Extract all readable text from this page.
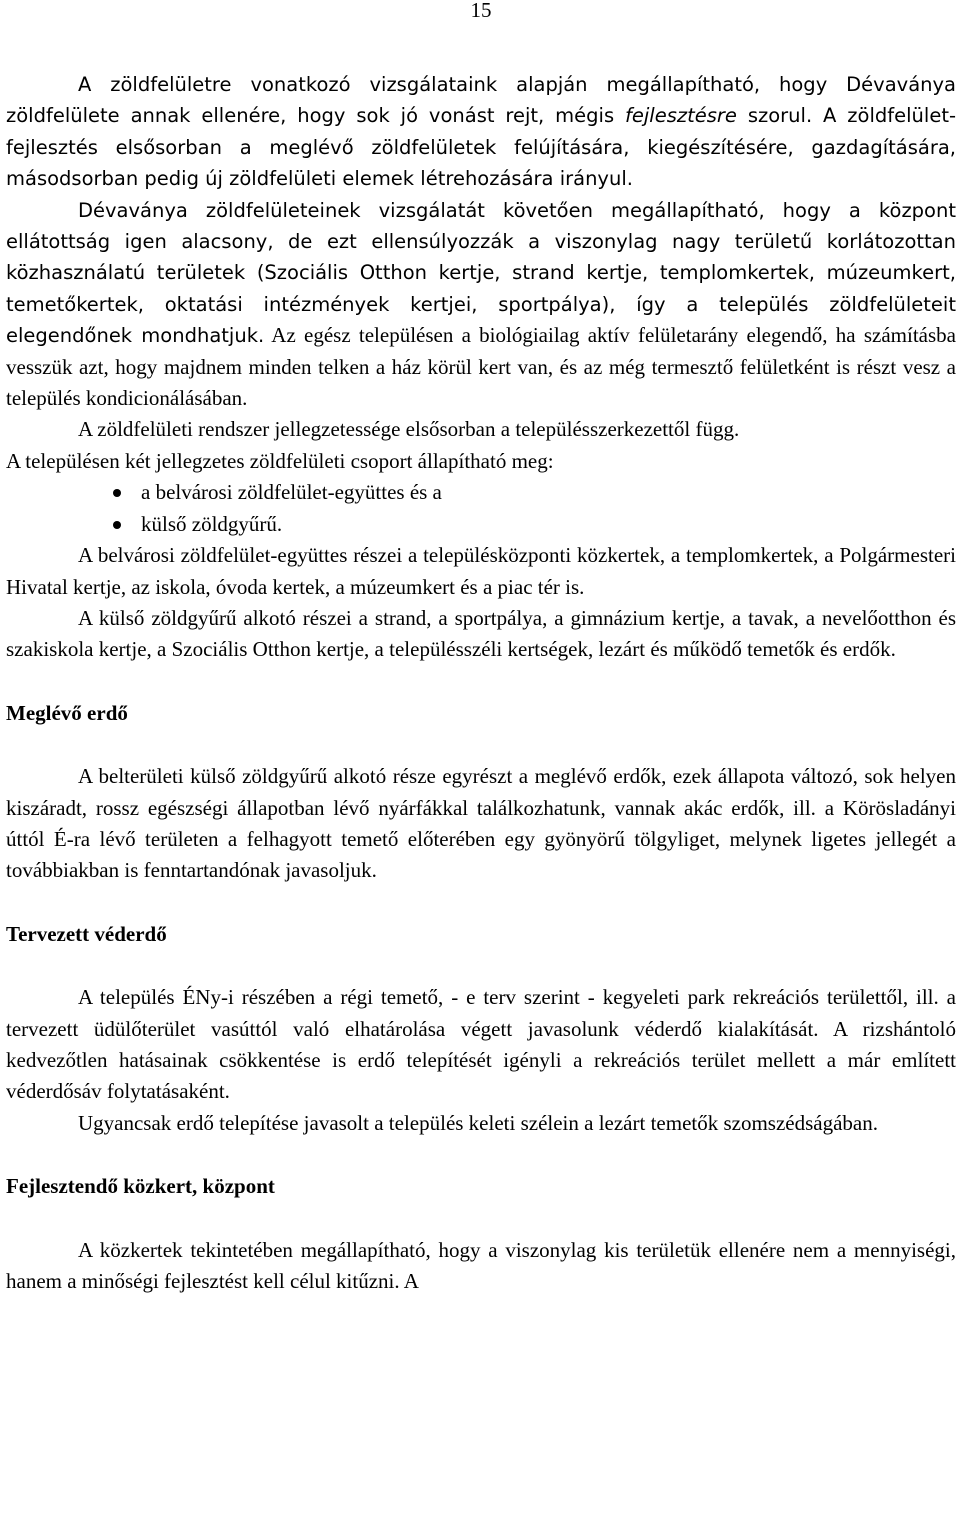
15

A zöldfelületre vonatkozó vizsgálataink alapján megállapítható, hogy Dévaványa zöldfelülete annak ellenére, hogy sok jó vonást rejt, mégis fejlesztésre szorul. A zöldfelület-fejlesztés elsősorban a meglévő zöldfelületek felújítására, kiegészítésére, gazdagítására, másodsorban pedig új zöldfelületi elemek létrehozására irányul.

Dévaványa zöldfelületeinek vizsgálatát követően megállapítható, hogy a központ ellátottság igen alacsony, de ezt ellensúlyozzák a viszonylag nagy területű korlátozottan közhasználatú területek (Szociális Otthon kertje, strand kertje, templomkertek, múzeumkert, temetőkertek, oktatási intézmények kertjei, sportpálya), így a település zöldfelületeit elegendőnek mondhatjuk. Az egész településen a biológiailag aktív felületarány elegendő, ha számításba vesszük azt, hogy majdnem minden telken a ház körül kert van, és az még termesztő felületként is részt vesz a település kondicionálásában.

A zöldfelületi rendszer jellegzetessége elsősorban a településszerkezettől függ.

A településen két jellegzetes zöldfelületi csoport állapítható meg:

a belvárosi zöldfelület-együttes és a
külső zöldgyűrű.

A belvárosi zöldfelület-együttes részei a településközponti közkertek, a templomkertek, a Polgármesteri Hivatal kertje, az iskola, óvoda kertek, a múzeumkert és a piac tér is.

A külső zöldgyűrű alkotó részei a strand, a sportpálya, a gimnázium kertje, a tavak, a nevelőotthon és szakiskola kertje, a Szociális Otthon kertje, a településszéli kertségek, lezárt és működő temetők és erdők.

Meglévő erdő

A belterületi külső zöldgyűrű alkotó része egyrészt a meglévő erdők, ezek állapota változó, sok helyen kiszáradt, rossz egészségi állapotban lévő nyárfákkal találkozhatunk, vannak akác erdők, ill. a Körösladányi úttól É-ra lévő területen a felhagyott temető előterében egy gyönyörű tölgyliget, melynek ligetes jellegét a továbbiakban is fenntartandónak javasoljuk.

Tervezett véderdő

A település ÉNy-i részében a régi temető, - e terv szerint - kegyeleti park rekreációs területtől, ill. a tervezett üdülőterület vasúttól való elhatárolása végett javasolunk véderdő kialakítását. A rizshántoló kedvezőtlen hatásainak csökkentése is erdő telepítését igényli a rekreációs terület mellett a már említett véderdősáv folytatásaként.

Ugyancsak erdő telepítése javasolt a település keleti szélein a lezárt temetők szomszédságában.

Fejlesztendő közkert, központ

A közkertek tekintetében megállapítható, hogy a viszonylag kis területük ellenére nem a mennyiségi, hanem a minőségi fejlesztést kell célul kitűzni. A
